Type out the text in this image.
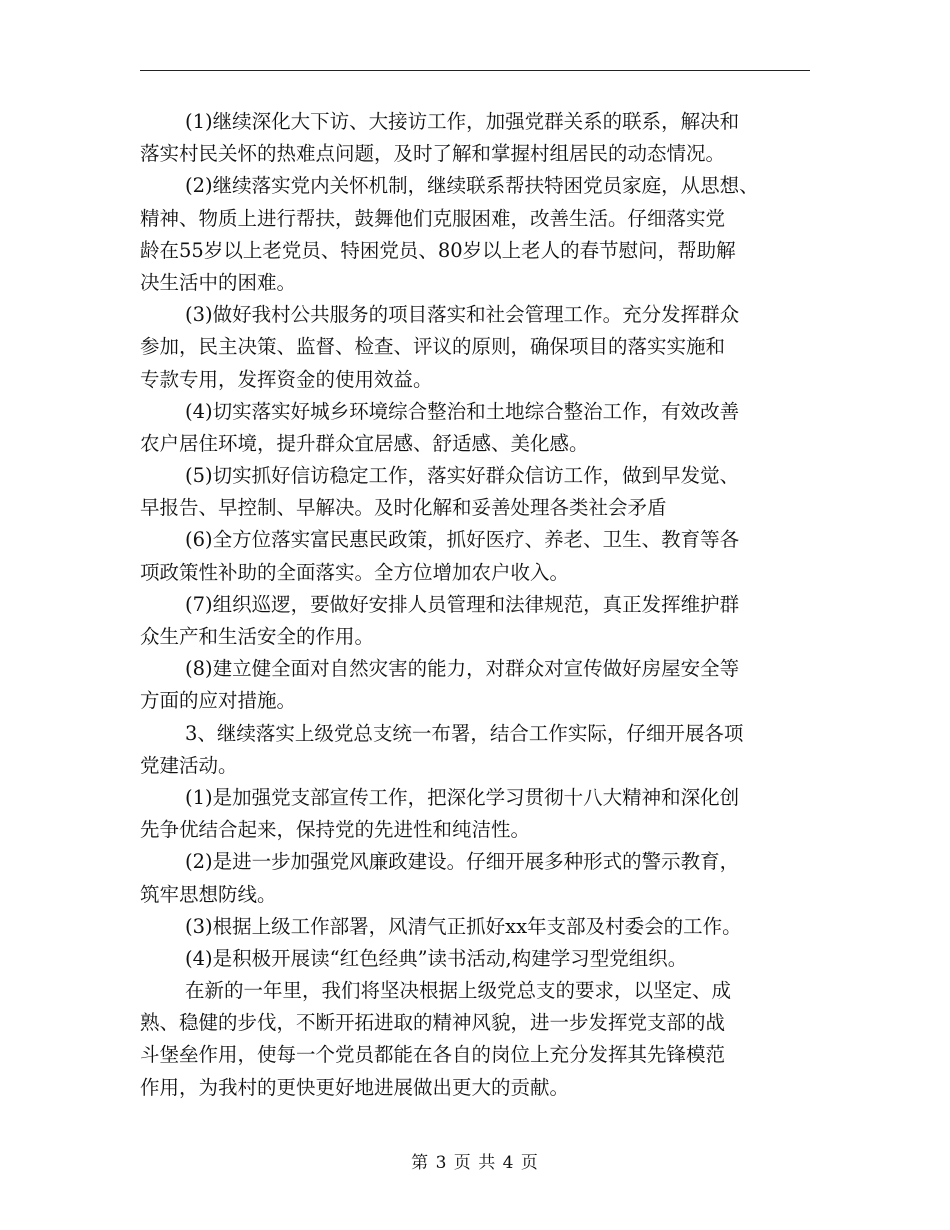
(1)继续深化大下访、大接访工作，加强党群关系的联系，解决和
落实村民关怀的热难点问题，及时了解和掌握村组居民的动态情况。
(2)继续落实党内关怀机制，继续联系帮扶特困党员家庭，从思想、
精神、物质上进行帮扶，鼓舞他们克服困难，改善生活。仔细落实党
龄在55岁以上老党员、特困党员、80岁以上老人的春节慰问，帮助解
决生活中的困难。
(3)做好我村公共服务的项目落实和社会管理工作。充分发挥群众
参加，民主决策、监督、检查、评议的原则，确保项目的落实实施和
专款专用，发挥资金的使用效益。
(4)切实落实好城乡环境综合整治和土地综合整治工作，有效改善
农户居住环境，提升群众宜居感、舒适感、美化感。
(5)切实抓好信访稳定工作，落实好群众信访工作，做到早发觉、
早报告、早控制、早解决。及时化解和妥善处理各类社会矛盾
(6)全方位落实富民惠民政策，抓好医疗、养老、卫生、教育等各
项政策性补助的全面落实。全方位增加农户收入。
(7)组织巡逻，要做好安排人员管理和法律规范，真正发挥维护群
众生产和生活安全的作用。
(8)建立健全面对自然灾害的能力，对群众对宣传做好房屋安全等
方面的应对措施。
3、继续落实上级党总支统一布署，结合工作实际，仔细开展各项
党建活动。
(1)是加强党支部宣传工作，把深化学习贯彻十八大精神和深化创
先争优结合起来，保持党的先进性和纯洁性。
(2)是进一步加强党风廉政建设。仔细开展多种形式的警示教育，
筑牢思想防线。
(3)根据上级工作部署，风清气正抓好xx年支部及村委会的工作。
(4)是积极开展读“红色经典”读书活动,构建学习型党组织。
在新的一年里，我们将坚决根据上级党总支的要求，以坚定、成
熟、稳健的步伐，不断开拓进取的精神风貌，进一步发挥党支部的战
斗堡垒作用，使每一个党员都能在各自的岗位上充分发挥其先锋模范
作用，为我村的更快更好地进展做出更大的贡献。
第 3 页 共 4 页
